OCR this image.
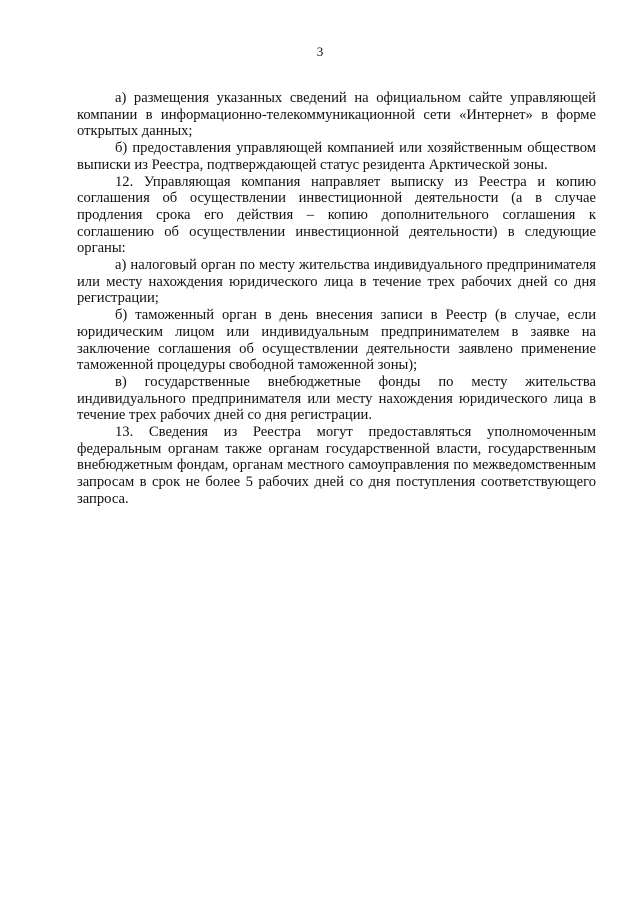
3

а) размещения указанных сведений на официальном сайте управляющей компании в информационно-телекоммуникационной сети «Интернет» в форме открытых данных;

б) предоставления управляющей компанией или хозяйственным обществом выписки из Реестра, подтверждающей статус резидента Арктической зоны.

12. Управляющая компания направляет выписку из Реестра и копию соглашения об осуществлении инвестиционной деятельности (а в случае продления срока его действия – копию дополнительного соглашения к соглашению об осуществлении инвестиционной деятельности) в следующие органы:

а) налоговый орган по месту жительства индивидуального предпринимателя или месту нахождения юридического лица в течение трех рабочих дней со дня регистрации;

б) таможенный орган в день внесения записи в Реестр (в случае, если юридическим лицом или индивидуальным предпринимателем в заявке на заключение соглашения об осуществлении деятельности заявлено применение таможенной процедуры свободной таможенной зоны);

в) государственные внебюджетные фонды по месту жительства индивидуального предпринимателя или месту нахождения юридического лица в течение трех рабочих дней со дня регистрации.

13. Сведения из Реестра могут предоставляться уполномоченным федеральным органам также органам государственной власти, государственным внебюджетным фондам, органам местного самоуправления по межведомственным запросам в срок не более 5 рабочих дней со дня поступления соответствующего запроса.
